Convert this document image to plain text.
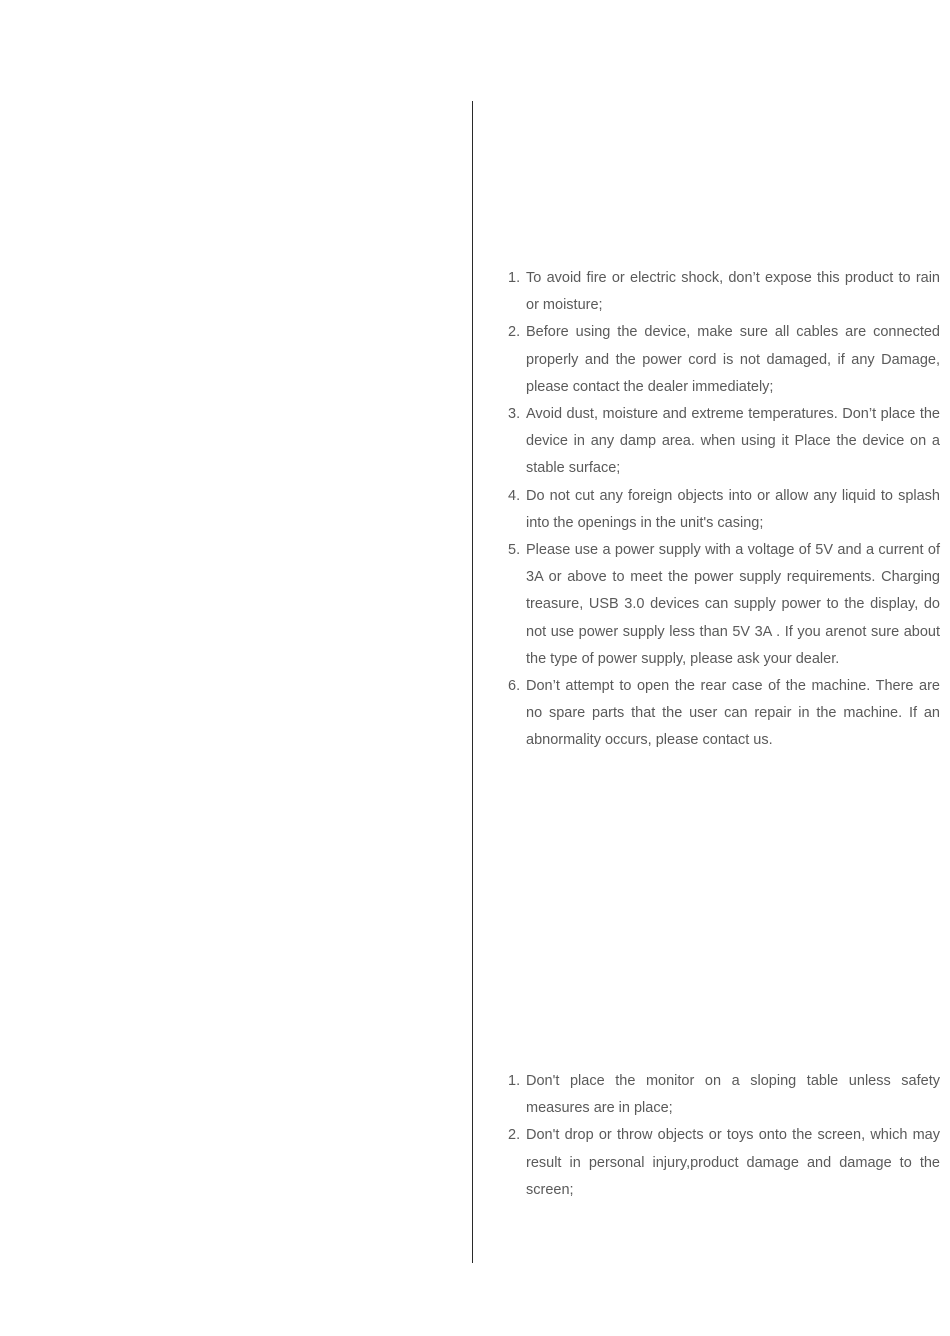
1. To avoid fire or electric shock, don’t expose this product to rain or moisture;
2. Before using the device, make sure all cables are connected properly and the power cord is not damaged, if any Damage, please contact the dealer immediately;
3. Avoid dust, moisture and extreme temperatures. Don’t place the device in any damp area. when using it Place the device on a stable surface;
4. Do not cut any foreign objects into or allow any liquid to splash into the openings in the unit's casing;
5. Please use a power supply with a voltage of 5V and a current of 3A or above to meet the power supply requirements. Charging treasure, USB 3.0 devices can supply power to the display, do not use power supply less than 5V 3A . If you arenot sure about the type of power supply, please ask your dealer.
6. Don’t attempt to open the rear case of the machine. There are no spare parts that the user can repair in the machine. If an abnormality occurs, please contact us.
1. Don't place the monitor on a sloping table unless safety measures are in place;
2. Don't drop or throw objects or toys onto the screen, which may result in personal injury,product damage and damage to the screen;
